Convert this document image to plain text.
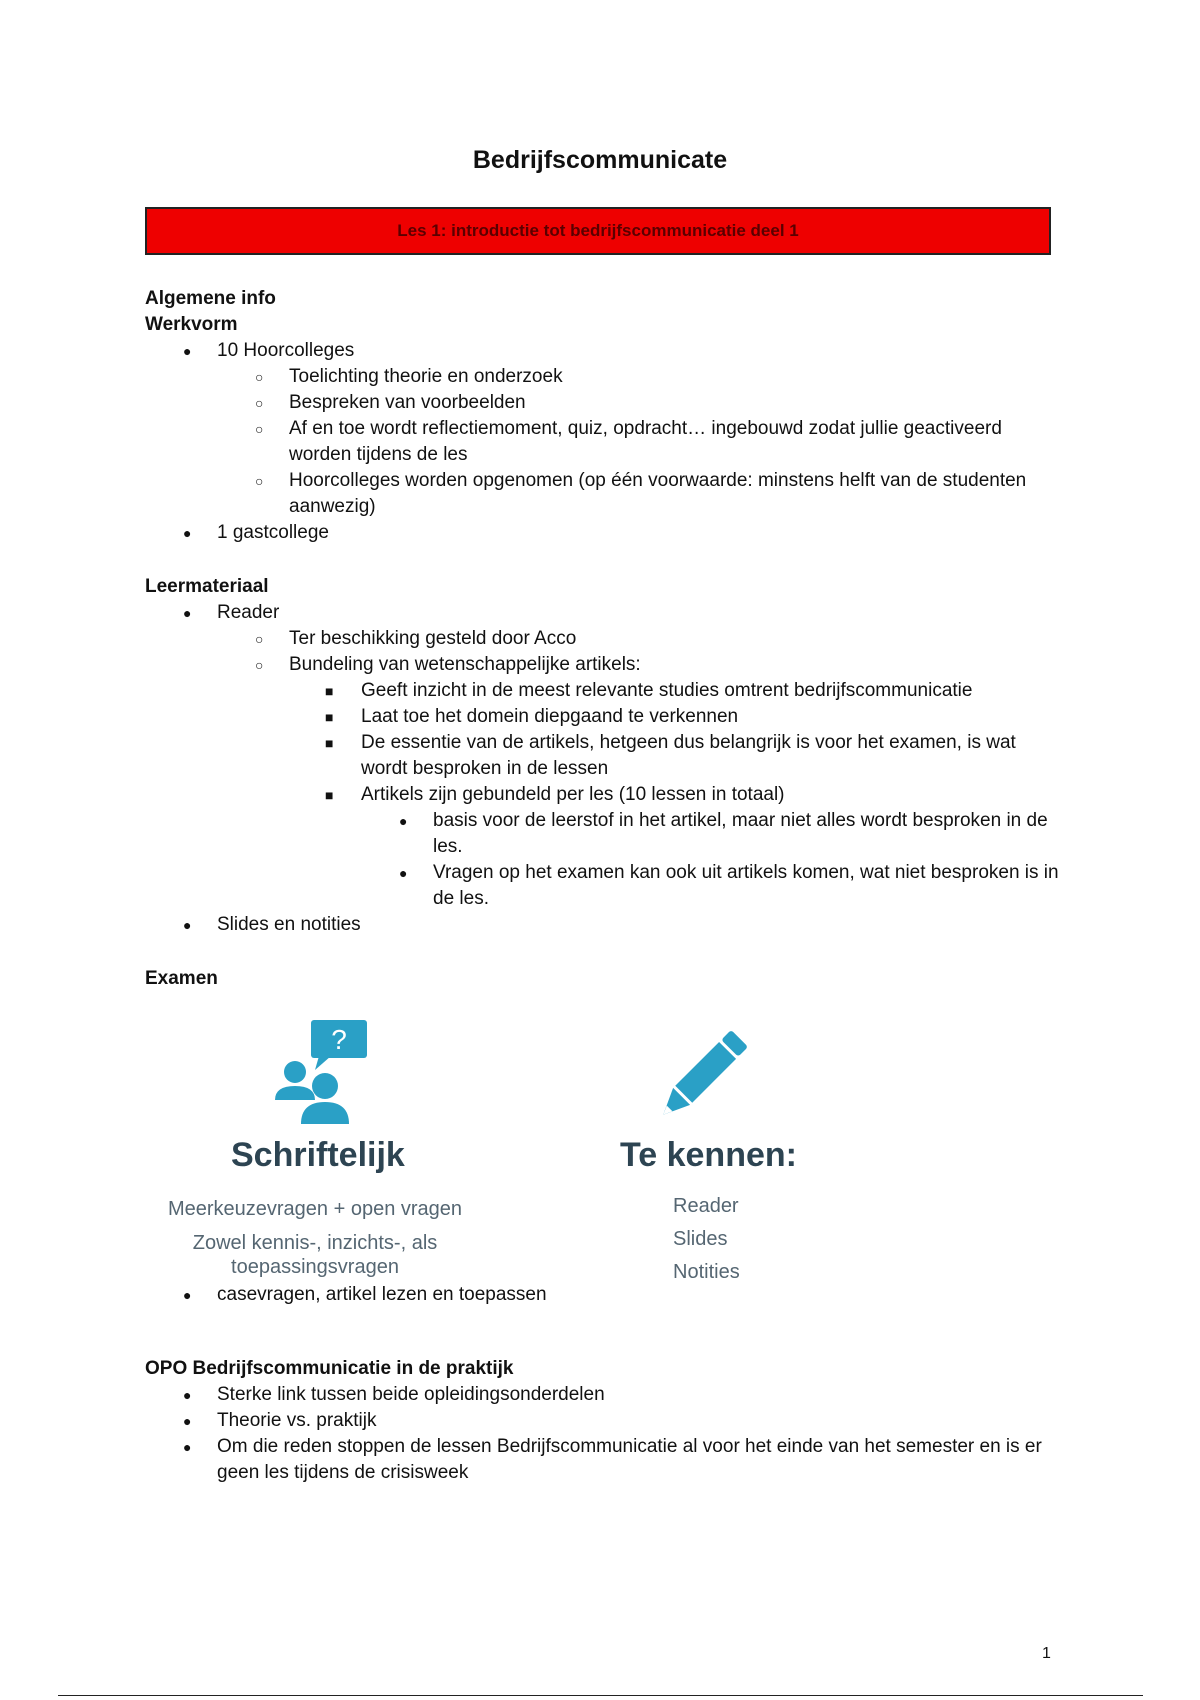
Bedrijfscommunicate
Les 1: introductie tot bedrijfscommunicatie deel 1

Algemene info

Werkvorm

● 10 Hoorcolleges
○ Toelichting theorie en onderzoek
○ Bespreken van voorbeelden
○ Af en toe wordt reflectiemoment, quiz, opdracht… ingebouwd zodat jullie geactiveerd worden tijdens de les
○ Hoorcolleges worden opgenomen (op één voorwaarde: minstens helft van de studenten aanwezig)
● 1 gastcollege

Leermateriaal

● Reader
○ Ter beschikking gesteld door Acco
○ Bundeling van wetenschappelijke artikels:
■ Geeft inzicht in de meest relevante studies omtrent bedrijfscommunicatie
■ Laat toe het domein diepgaand te verkennen
■ De essentie van de artikels, hetgeen dus belangrijk is voor het examen, is wat wordt besproken in de lessen
■ Artikels zijn gebundeld per les (10 lessen in totaal)
● basis voor de leerstof in het artikel, maar niet alles wordt besproken in de les.
● Vragen op het examen kan ook uit artikels komen, wat niet besproken is in de les.
● Slides en notities

Examen

?
Schriftelijk
Meerkeuzevragen + open vragen
Zowel kennis-, inzichts-, als
toepassingsvragen
Te kennen:
Reader
Slides
Notities
● casevragen, artikel lezen en toepassen

OPO Bedrijfscommunicatie in de praktijk

● Sterke link tussen beide opleidingsonderdelen
● Theorie vs. praktijk
● Om die reden stoppen de lessen Bedrijfscommunicatie al voor het einde van het semester en is er geen les tijdens de crisisweek
1
